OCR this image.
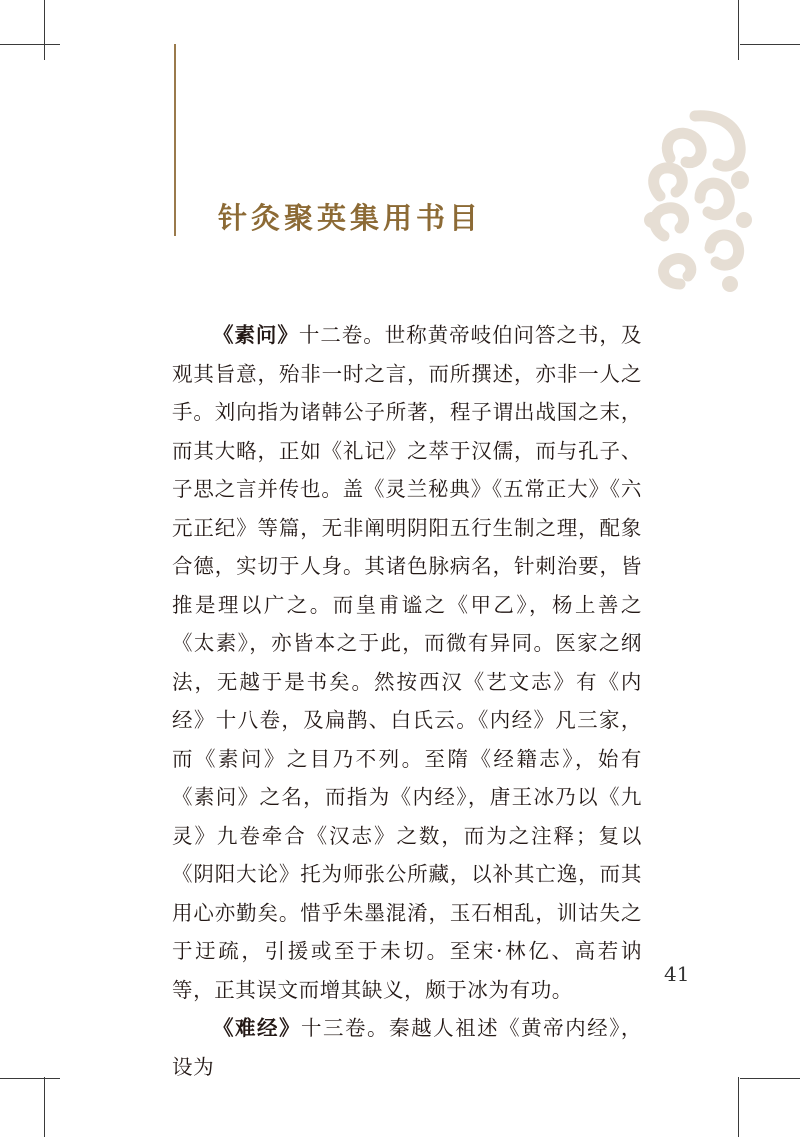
针灸聚英集用书目

《素问》十二卷。世称黄帝岐伯问答之书，及观其旨意，殆非一时之言，而所撰述，亦非一人之手。刘向指为诸韩公子所著，程子谓出战国之末，而其大略，正如《礼记》之萃于汉儒，而与孔子、子思之言并传也。盖《灵兰秘典》《五常正大》《六元正纪》等篇，无非阐明阴阳五行生制之理，配象合德，实切于人身。其诸色脉病名，针刺治要，皆推是理以广之。而皇甫谧之《甲乙》，杨上善之《太素》，亦皆本之于此，而微有异同。医家之纲法，无越于是书矣。然按西汉《艺文志》有《内经》十八卷，及扁鹊、白氏云。《内经》凡三家，而《素问》之目乃不列。至隋《经籍志》，始有《素问》之名，而指为《内经》，唐王冰乃以《九灵》九卷牵合《汉志》之数，而为之注释；复以《阴阳大论》托为师张公所藏，以补其亡逸，而其用心亦勤矣。惜乎朱墨混淆，玉石相乱，训诂失之于迂疏，引援或至于未切。至宋·林亿、高若讷等，正其误文而增其缺义，颇于冰为有功。

《难经》十三卷。秦越人祖述《黄帝内经》，设为

41
